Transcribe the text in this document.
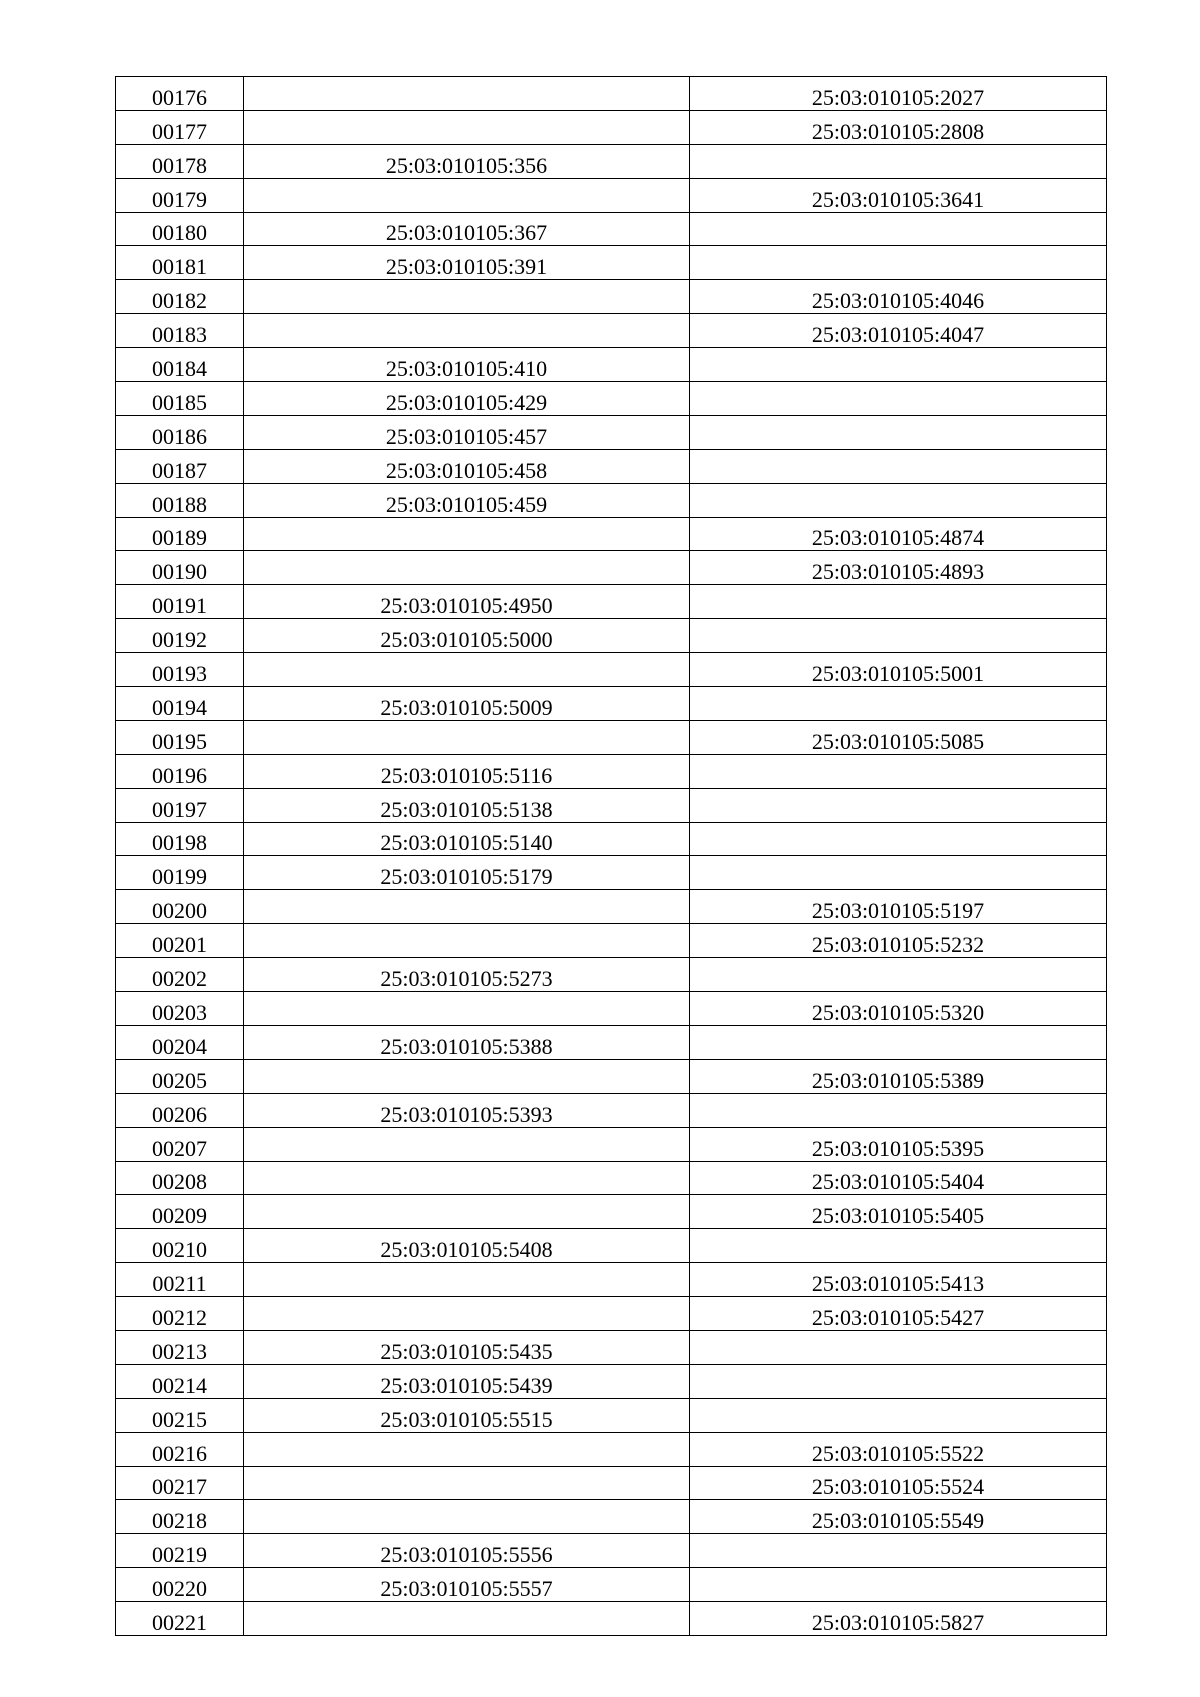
00176		25:03:010105:2027
00177		25:03:010105:2808
00178	25:03:010105:356	
00179		25:03:010105:3641
00180	25:03:010105:367	
00181	25:03:010105:391	
00182		25:03:010105:4046
00183		25:03:010105:4047
00184	25:03:010105:410	
00185	25:03:010105:429	
00186	25:03:010105:457	
00187	25:03:010105:458	
00188	25:03:010105:459	
00189		25:03:010105:4874
00190		25:03:010105:4893
00191	25:03:010105:4950	
00192	25:03:010105:5000	
00193		25:03:010105:5001
00194	25:03:010105:5009	
00195		25:03:010105:5085
00196	25:03:010105:5116	
00197	25:03:010105:5138	
00198	25:03:010105:5140	
00199	25:03:010105:5179	
00200		25:03:010105:5197
00201		25:03:010105:5232
00202	25:03:010105:5273	
00203		25:03:010105:5320
00204	25:03:010105:5388	
00205		25:03:010105:5389
00206	25:03:010105:5393	
00207		25:03:010105:5395
00208		25:03:010105:5404
00209		25:03:010105:5405
00210	25:03:010105:5408	
00211		25:03:010105:5413
00212		25:03:010105:5427
00213	25:03:010105:5435	
00214	25:03:010105:5439	
00215	25:03:010105:5515	
00216		25:03:010105:5522
00217		25:03:010105:5524
00218		25:03:010105:5549
00219	25:03:010105:5556	
00220	25:03:010105:5557	
00221		25:03:010105:5827
